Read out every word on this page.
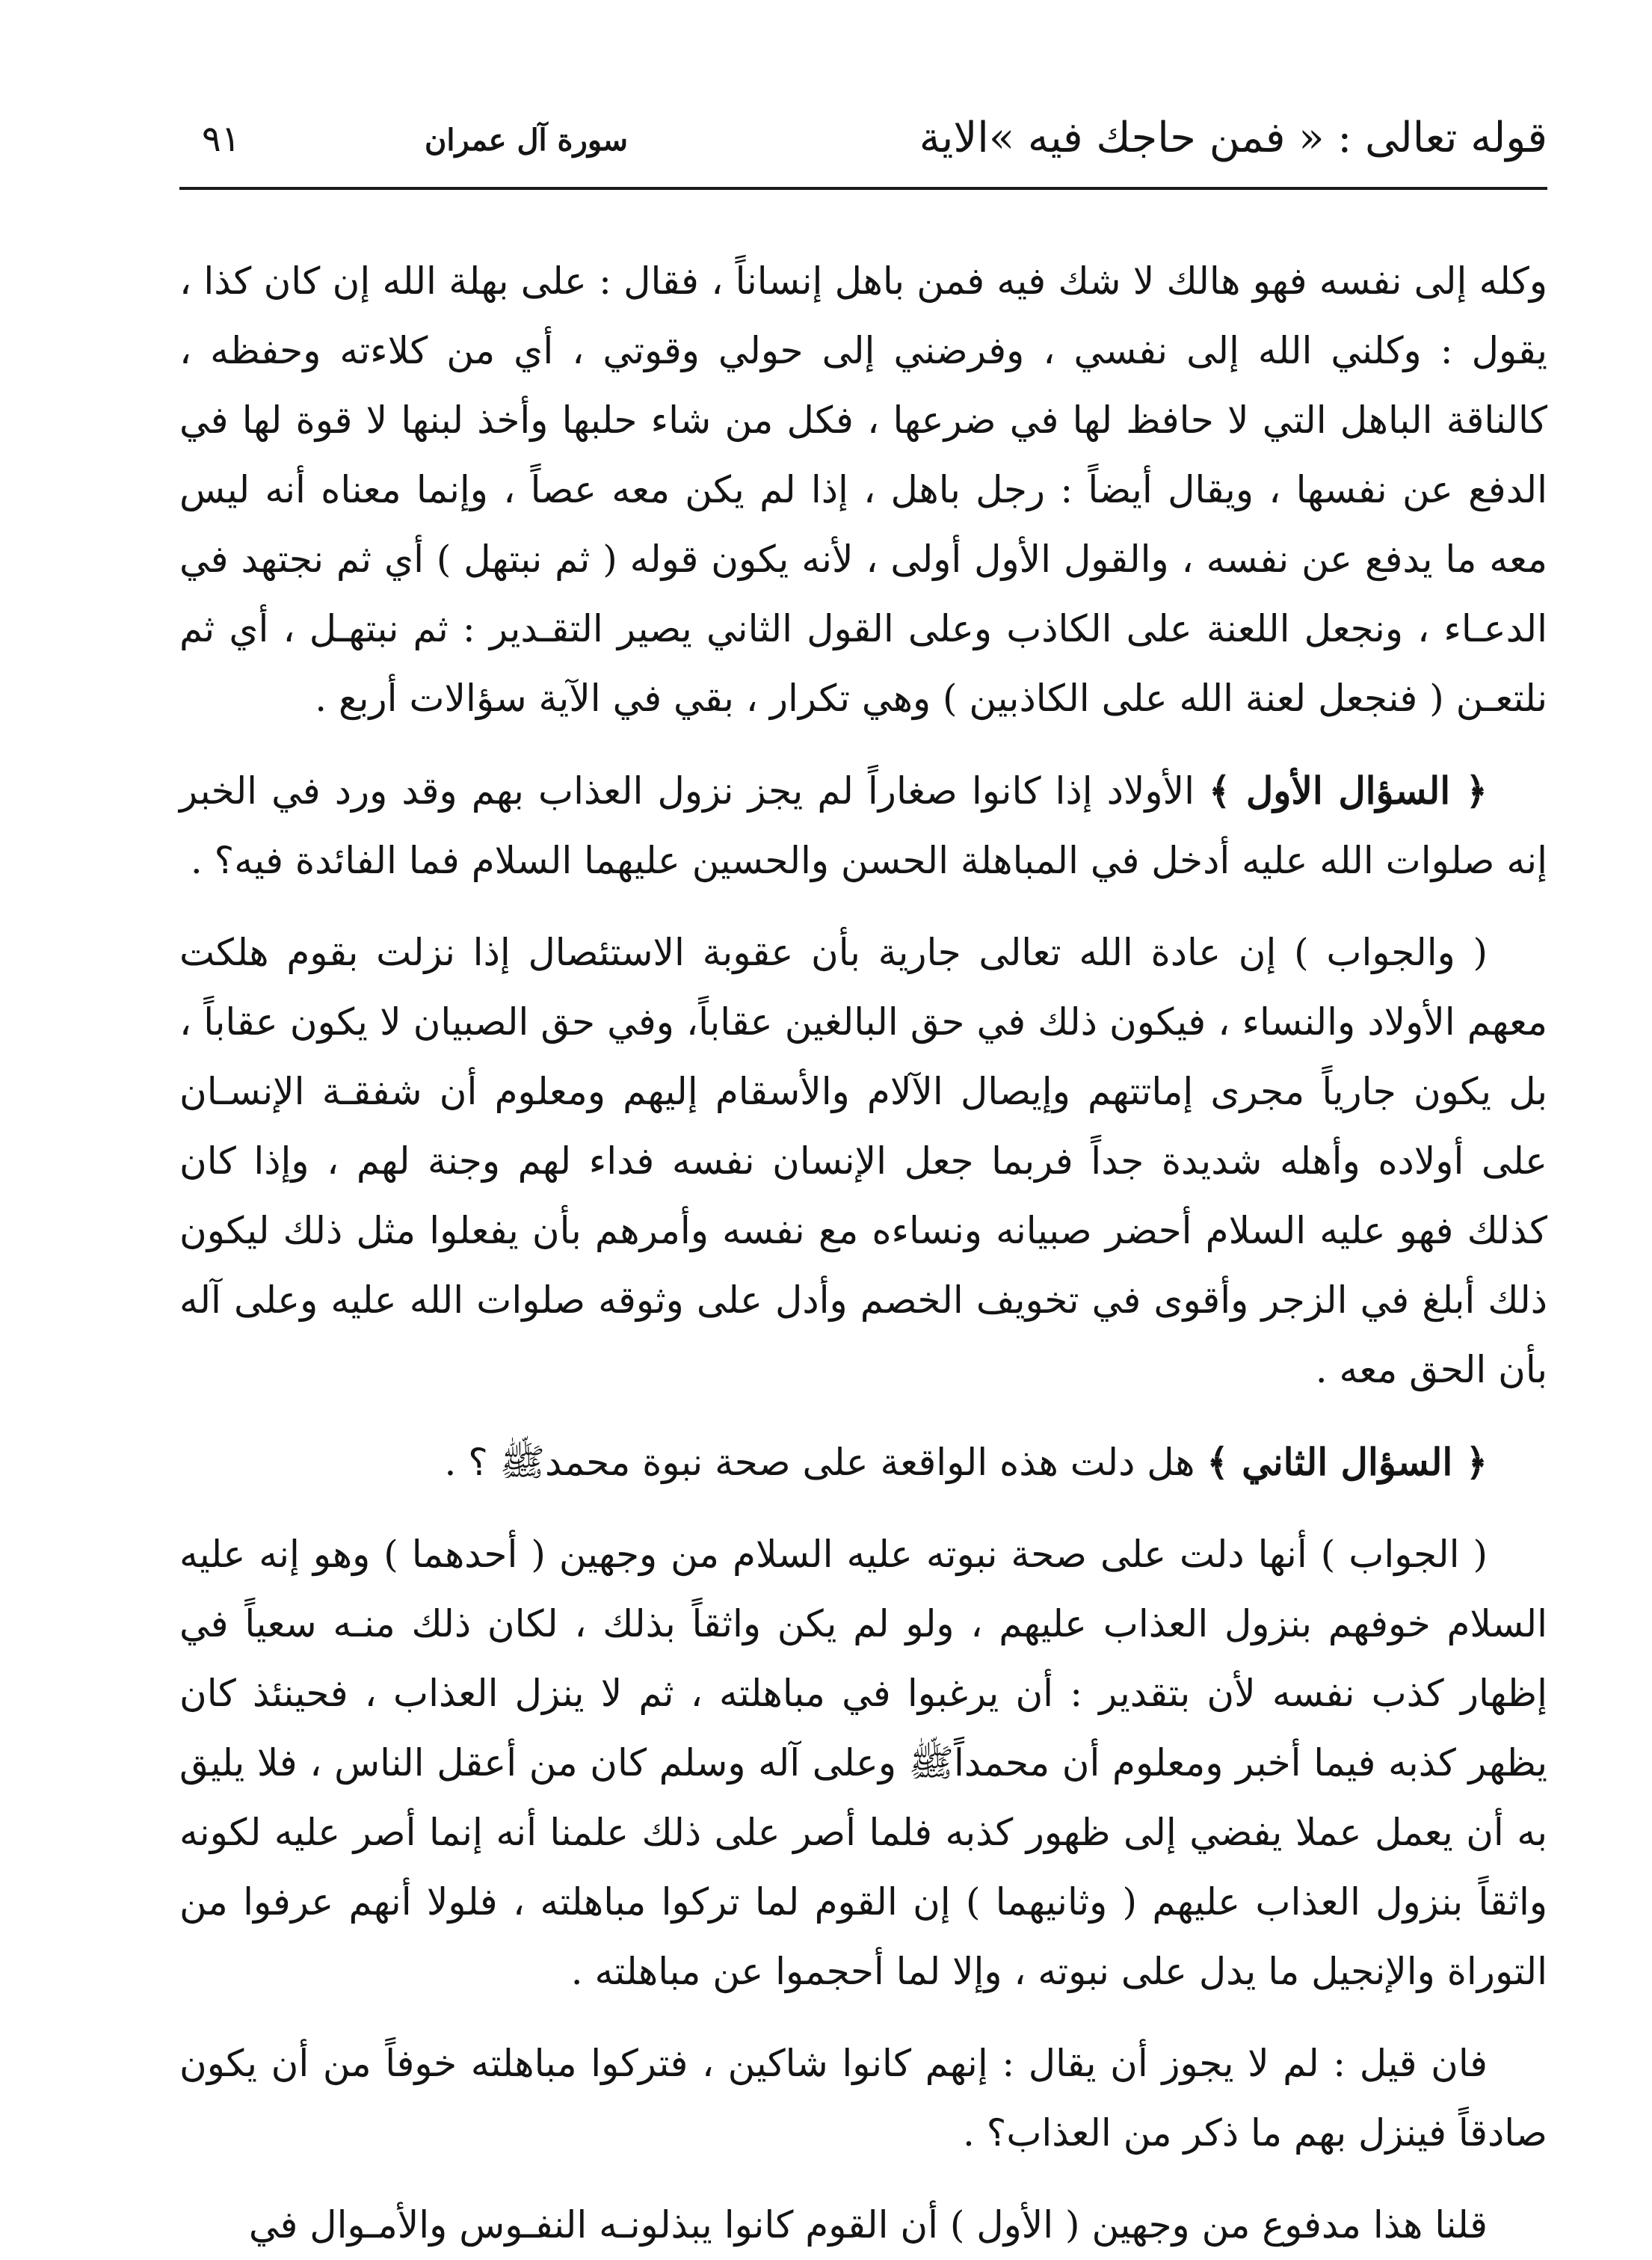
قوله تعالى : « فمن حاجك فيه »الاية
سورة آل عمران
٩١

وكله إلى نفسه فهو هالك لا شك فيه فمن باهل إنساناً ، فقال : على بهلة الله إن كان كذا ، يقول : وكلني الله إلى نفسي ، وفرضني إلى حولي وقوتي ، أي من كلاءته وحفظه ، كالناقة الباهل التي لا حافظ لها في ضرعها ، فكل من شاء حلبها وأخذ لبنها لا قوة لها في الدفع عن نفسها ، ويقال أيضاً : رجل باهل ، إذا لم يكن معه عصاً ، وإنما معناه أنه ليس معه ما يدفع عن نفسه ، والقول الأول أولى ، لأنه يكون قوله ( ثم نبتهل ) أي ثم نجتهد في الدعـاء ، ونجعل اللعنة على الكاذب وعلى القول الثاني يصير التقـدير : ثم نبتهـل ، أي ثم نلتعـن ( فنجعل لعنة الله على الكاذبين ) وهي تكرار ، بقي في الآية سؤالات أربع .

﴿ السؤال الأول ﴾ الأولاد إذا كانوا صغاراً لم يجز نزول العذاب بهم وقد ورد في الخبر إنه صلوات الله عليه أدخل في المباهلة الحسن والحسين عليهما السلام فما الفائدة فيه؟ .

( والجواب ) إن عادة الله تعالى جارية بأن عقوبة الاستئصال إذا نزلت بقوم هلكت معهم الأولاد والنساء ، فيكون ذلك في حق البالغين عقاباً، وفي حق الصبيان لا يكون عقاباً ، بل يكون جارياً مجرى إماتتهم وإيصال الآلام والأسقام إليهم ومعلوم أن شفقـة الإنسـان على أولاده وأهله شديدة جداً فربما جعل الإنسان نفسه فداء لهم وجنة لهم ، وإذا كان كذلك فهو عليه السلام أحضر صبيانه ونساءه مع نفسه وأمرهم بأن يفعلوا مثل ذلك ليكون ذلك أبلغ في الزجر وأقوى في تخويف الخصم وأدل على وثوقه صلوات الله عليه وعلى آله بأن الحق معه .

﴿ السؤال الثاني ﴾ هل دلت هذه الواقعة على صحة نبوة محمدﷺ ؟ .

( الجواب ) أنها دلت على صحة نبوته عليه السلام من وجهين ( أحدهما ) وهو إنه عليه السلام خوفهم بنزول العذاب عليهم ، ولو لم يكن واثقاً بذلك ، لكان ذلك منـه سعياً في إظهار كذب نفسه لأن بتقدير : أن يرغبوا في مباهلته ، ثم لا ينزل العذاب ، فحينئذ كان يظهر كذبه فيما أخبر ومعلوم أن محمداًﷺ وعلى آله وسلم كان من أعقل الناس ، فلا يليق به أن يعمل عملا يفضي إلى ظهور كذبه فلما أصر على ذلك علمنا أنه إنما أصر عليه لكونه واثقاً بنزول العذاب عليهم ( وثانيهما ) إن القوم لما تركوا مباهلته ، فلولا أنهم عرفوا من التوراة والإنجيل ما يدل على نبوته ، وإلا لما أحجموا عن مباهلته .

فان قيل : لم لا يجوز أن يقال : إنهم كانوا شاكين ، فتركوا مباهلته خوفاً من أن يكون صادقاً فينزل بهم ما ذكر من العذاب؟ .

قلنا هذا مدفوع من وجهين ( الأول ) أن القوم كانوا يبذلونـه النفـوس والأمـوال في
